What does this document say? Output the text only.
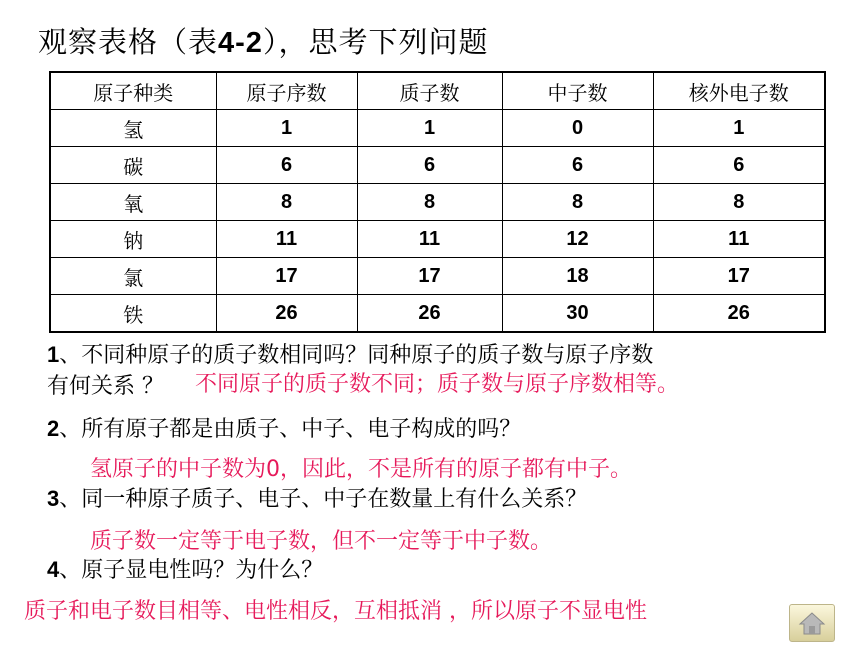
观察表格（表4-2），思考下列问题
原子种类	原子序数	质子数	中子数	核外电子数
氢	1	1	0	1
碳	6	6	6	6
氧	8	8	8	8
钠	11	11	12	11
氯	17	17	18	17
铁	26	26	30	26
1、不同种原子的质子数相同吗？同种原子的质子数与原子序数
有何关系 ？ 不同原子的质子数不同；质子数与原子序数相等。
2、所有原子都是由质子、中子、电子构成的吗？
氢原子的中子数为0，因此，不是所有的原子都有中子。
3、同一种原子质子、电子、中子在数量上有什么关系？
质子数一定等于电子数，但不一定等于中子数。
4、原子显电性吗？为什么？
质子和电子数目相等、电性相反，互相抵消 ，所以原子不显电性
